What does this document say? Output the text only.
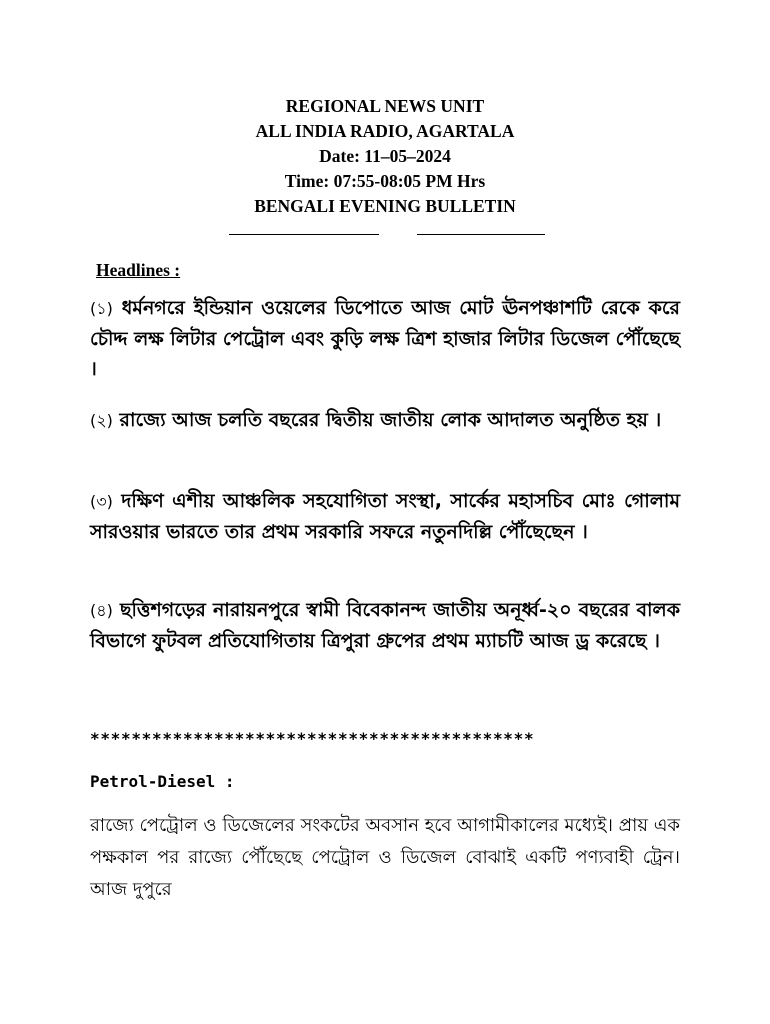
REGIONAL NEWS UNIT
ALL INDIA RADIO, AGARTALA
Date: 11–05–2024
Time: 07:55-08:05 PM Hrs
BENGALI EVENING BULLETIN
Headlines :
(১) ধর্মনগরে ইন্ডিয়ান ওয়েলের ডিপোতে আজ মোট ঊনপঞ্চাশটি রেকে করে চৌদ্দ লক্ষ লিটার পেট্রোল এবং কুড়ি লক্ষ ত্রিশ হাজার লিটার ডিজেল পৌঁছেছে ।
(২) রাজ্যে আজ চলতি বছরের দ্বিতীয় জাতীয় লোক আদালত অনুষ্ঠিত হয় ।
(৩) দক্ষিণ এশীয় আঞ্চলিক সহযোগিতা সংস্থা, সার্কের মহাসচিব মোঃ গোলাম সারওয়ার ভারতে তার প্রথম সরকারি সফরে নতুনদিল্লি পৌঁছেছেন ।
(৪) ছত্তিশগড়ের নারায়নপুরে স্বামী বিবেকানন্দ জাতীয় অনূর্ধ্ব-২০ বছরের বালক বিভাগে ফুটবল প্রতিযোগিতায় ত্রিপুরা গ্রুপের প্রথম ম্যাচটি আজ ড্র করেছে ।
*******************************************
Petrol-Diesel :
রাজ্যে পেট্রোল ও ডিজেলের সংকটের অবসান হবে আগামীকালের মধ্যেই। প্রায় এক পক্ষকাল পর রাজ্যে পৌঁছেছে পেট্রোল ও ডিজেল বোঝাই একটি পণ্যবাহী ট্রেন। আজ দুপুরে
